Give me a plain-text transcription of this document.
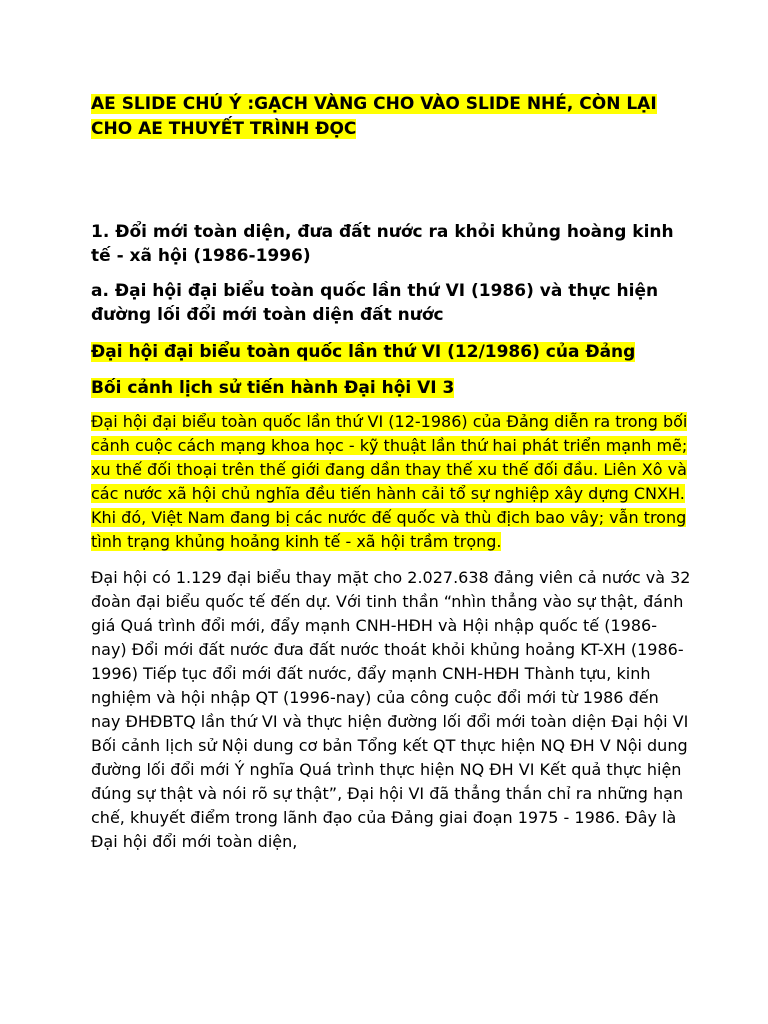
AE SLIDE CHÚ Ý :GẠCH VÀNG CHO VÀO SLIDE NHÉ, CÒN LẠI CHO AE THUYẾT TRÌNH ĐỌC

1. Đổi mới toàn diện, đưa đất nước ra khỏi khủng hoàng kinh tế - xã hội (1986-1996)

a. Đại hội đại biểu toàn quốc lần thứ VI (1986) và thực hiện đường lối đổi mới toàn diện đất nước

Đại hội đại biểu toàn quốc lần thứ VI (12/1986) của Đảng

Bối cảnh lịch sử tiến hành Đại hội VI 3

Đại hội đại biểu toàn quốc lần thứ VI (12-1986) của Đảng diễn ra trong bối cảnh cuộc cách mạng khoa học - kỹ thuật lần thứ hai phát triển mạnh mẽ; xu thế đối thoại trên thế giới đang dần thay thế xu thế đối đầu. Liên Xô và các nước xã hội chủ nghĩa đều tiến hành cải tổ sự nghiệp xây dựng CNXH. Khi đó, Việt Nam đang bị các nước đế quốc và thù địch bao vây; vẫn trong tình trạng khủng hoảng kinh tế - xã hội trầm trọng.

Đại hội có 1.129 đại biểu thay mặt cho 2.027.638 đảng viên cả nước và 32 đoàn đại biểu quốc tế đến dự. Với tinh thần “nhìn thẳng vào sự thật, đánh giá Quá trình đổi mới, đẩy mạnh CNH-HĐH và Hội nhập quốc tế (1986-nay) Đổi mới đất nước đưa đất nước thoát khỏi khủng hoảng KT-XH (1986-1996) Tiếp tục đổi mới đất nước, đẩy mạnh CNH-HĐH Thành tựu, kinh nghiệm và hội nhập QT (1996-nay) của công cuộc đổi mới từ 1986 đến nay ĐHĐBTQ lần thứ VI và thực hiện đường lối đổi mới toàn diện Đại hội VI Bối cảnh lịch sử Nội dung cơ bản Tổng kết QT thực hiện NQ ĐH V Nội dung đường lối đổi mới Ý nghĩa Quá trình thực hiện NQ ĐH VI Kết quả thực hiện đúng sự thật và nói rõ sự thật”, Đại hội VI đã thẳng thắn chỉ ra những hạn chế, khuyết điểm trong lãnh đạo của Đảng giai đoạn 1975 - 1986. Đây là Đại hội đổi mới toàn diện,
